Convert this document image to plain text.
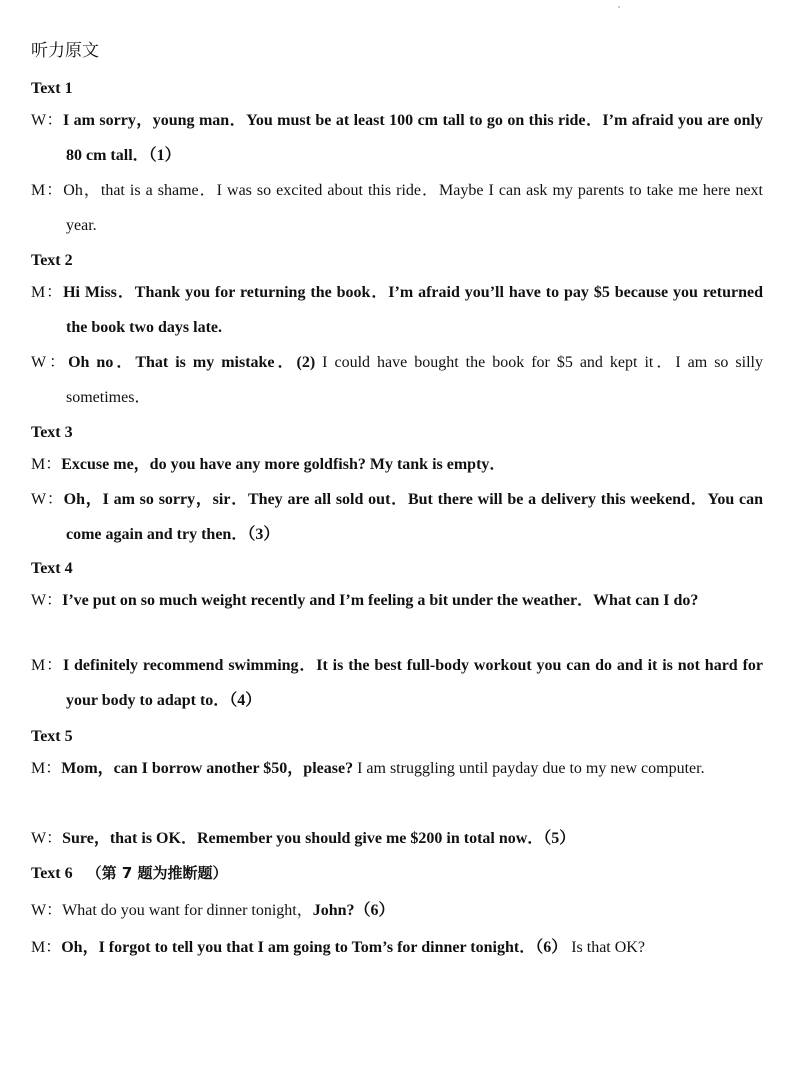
听力原文
Text 1
W：I am sorry，young man．You must be at least 100 cm tall to go on this ride．I’m afraid you are only 80 cm tall．（1）
M：Oh，that is a shame．I was so excited about this ride．Maybe I can ask my parents to take me here next year.
Text 2
M：Hi Miss．Thank you for returning the book．I’m afraid you’ll have to pay $5 because you returned the book two days late.
W：Oh no．That is my mistake．(2) I could have bought the book for $5 and kept it．I am so silly sometimes．
Text 3
M：Excuse me，do you have any more goldfish? My tank is empty．
W：Oh，I am so sorry，sir．They are all sold out．But there will be a delivery this weekend．You can come again and try then．（3）
Text 4
W：I’ve put on so much weight recently and I’m feeling a bit under the weather．What can I do?
M：I definitely recommend swimming．It is the best full-body workout you can do and it is not hard for your body to adapt to．（4）
Text 5
M：Mom，can I borrow another $50，please? I am struggling until payday due to my new computer.
W：Sure，that is OK．Remember you should give me $200 in total now．（5）
Text 6 （第 7 题为推断题）
W：What do you want for dinner tonight，John?（6）
M：Oh，I forgot to tell you that I am going to Tom’s for dinner tonight．（6） Is that OK?
